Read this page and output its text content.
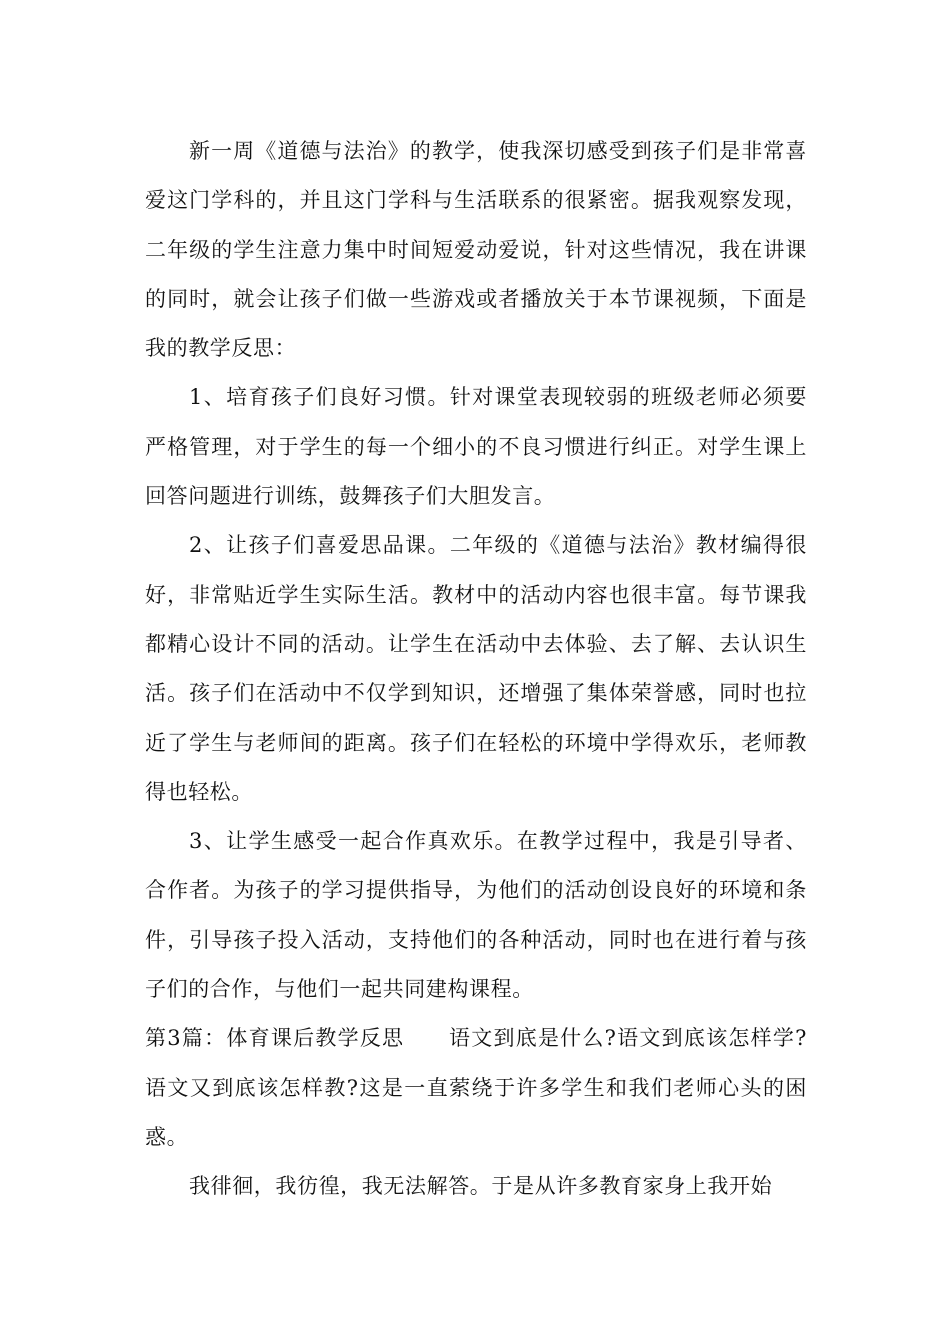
新一周《道德与法治》的教学，使我深切感受到孩子们是非常喜爱这门学科的，并且这门学科与生活联系的很紧密。据我观察发现，二年级的学生注意力集中时间短爱动爱说，针对这些情况，我在讲课的同时，就会让孩子们做一些游戏或者播放关于本节课视频，下面是我的教学反思：

1、培育孩子们良好习惯。针对课堂表现较弱的班级老师必须要严格管理，对于学生的每一个细小的不良习惯进行纠正。对学生课上回答问题进行训练，鼓舞孩子们大胆发言。

2、让孩子们喜爱思品课。二年级的《道德与法治》教材编得很好，非常贴近学生实际生活。教材中的活动内容也很丰富。每节课我都精心设计不同的活动。让学生在活动中去体验、去了解、去认识生活。孩子们在活动中不仅学到知识，还增强了集体荣誉感，同时也拉近了学生与老师间的距离。孩子们在轻松的环境中学得欢乐，老师教得也轻松。

3、让学生感受一起合作真欢乐。在教学过程中，我是引导者、合作者。为孩子的学习提供指导，为他们的活动创设良好的环境和条件，引导孩子投入活动，支持他们的各种活动，同时也在进行着与孩子们的合作，与他们一起共同建构课程。

第3篇：体育课后教学反思 语文到底是什么?语文到底该怎样学?语文又到底该怎样教?这是一直萦绕于许多学生和我们老师心头的困惑。

我徘徊，我彷徨，我无法解答。于是从许多教育家身上我开始
